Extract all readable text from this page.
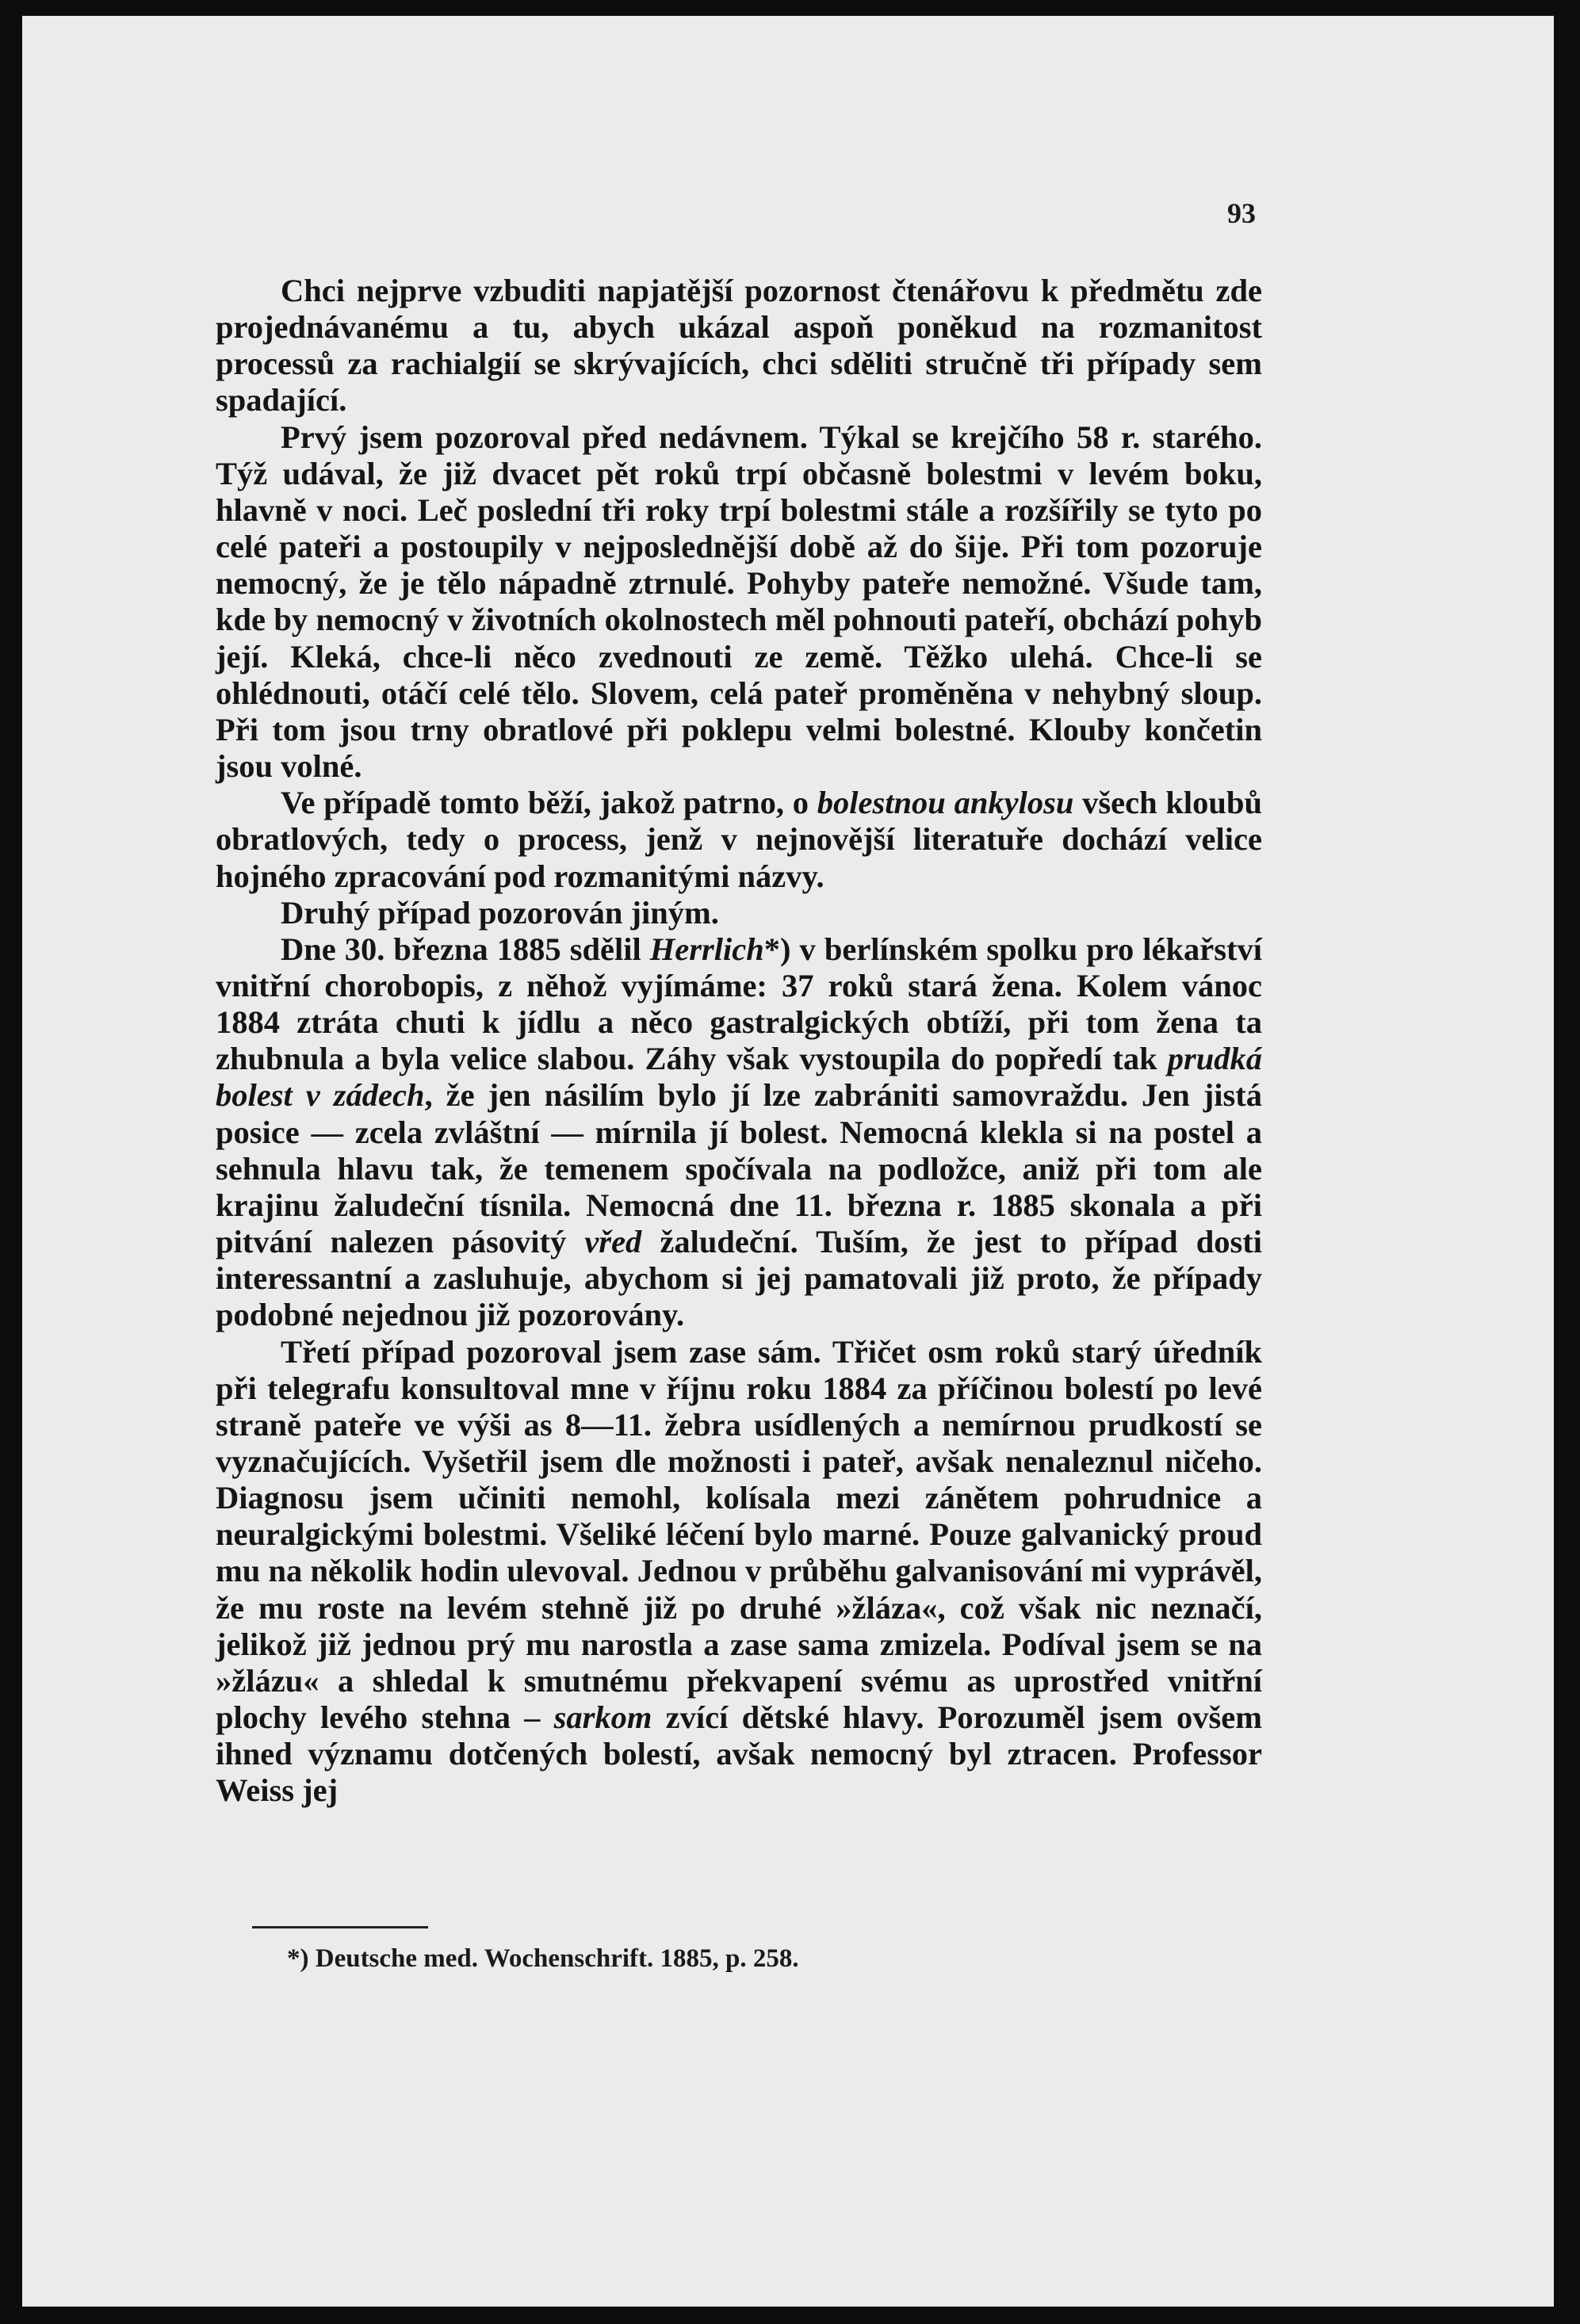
93

Chci nejprve vzbuditi napjatější pozornost čtenářovu k předmětu zde projednávanému a tu, abych ukázal aspoň poněkud na rozmanitost processů za rachialgií se skrývajících, chci sděliti stručně tři případy sem spadající.

Prvý jsem pozoroval před nedávnem. Týkal se krejčího 58 r. starého. Týž udával, že již dvacet pět roků trpí občasně bolestmi v levém boku, hlavně v noci. Leč poslední tři roky trpí bolestmi stále a rozšířily se tyto po celé pateři a postoupily v nejposlednější době až do šije. Při tom pozoruje nemocný, že je tělo nápadně ztrnulé. Pohyby pateře nemožné. Všude tam, kde by nemocný v životních okolnostech měl pohnouti pateří, obchází pohyb její. Kleká, chce-li něco zvednouti ze země. Těžko ulehá. Chce-li se ohlédnouti, otáčí celé tělo. Slovem, celá pateř proměněna v nehybný sloup. Při tom jsou trny obratlové při poklepu velmi bolestné. Klouby končetin jsou volné.

Ve případě tomto běží, jakož patrno, o bolestnou ankylosu všech kloubů obratlových, tedy o process, jenž v nejnovější literatuře dochází velice hojného zpracování pod rozmanitými názvy.

Druhý případ pozorován jiným.

Dne 30. března 1885 sdělil Herrlich*) v berlínském spolku pro lékařství vnitřní chorobopis, z něhož vyjímáme: 37 roků stará žena. Kolem vánoc 1884 ztráta chuti k jídlu a něco gastralgických obtíží, při tom žena ta zhubnula a byla velice slabou. Záhy však vystoupila do popředí tak prudká bolest v zádech, že jen násilím bylo jí lze zabrániti samovraždu. Jen jistá posice — zcela zvláštní — mírnila jí bolest. Nemocná klekla si na postel a sehnula hlavu tak, že temenem spočívala na podložce, aniž při tom ale krajinu žaludeční tísnila. Nemocná dne 11. března r. 1885 skonala a při pitvání nalezen pásovitý vřed žaludeční. Tuším, že jest to případ dosti interessantní a zasluhuje, abychom si jej pamatovali již proto, že případy podobné nejednou již pozorovány.

Třetí případ pozoroval jsem zase sám. Třičet osm roků starý úředník při telegrafu konsultoval mne v říjnu roku 1884 za příčinou bolestí po levé straně pateře ve výši as 8—11. žebra usídlených a nemírnou prudkostí se vyznačujících. Vyšetřil jsem dle možnosti i pateř, avšak nenaleznul ničeho. Diagnosu jsem učiniti nemohl, kolísala mezi zánětem pohrudnice a neuralgickými bolestmi. Všeliké léčení bylo marné. Pouze galvanický proud mu na několik hodin ulevoval. Jednou v průběhu galvanisování mi vyprávěl, že mu roste na levém stehně již po druhé »žláza«, což však nic neznačí, jelikož již jednou prý mu narostla a zase sama zmizela. Podíval jsem se na »žlázu« a shledal k smutnému překvapení svému as uprostřed vnitřní plochy levého stehna – sarkom zvící dětské hlavy. Porozuměl jsem ovšem ihned významu dotčených bolestí, avšak nemocný byl ztracen. Professor Weiss jej

*) Deutsche med. Wochenschrift. 1885, p. 258.
